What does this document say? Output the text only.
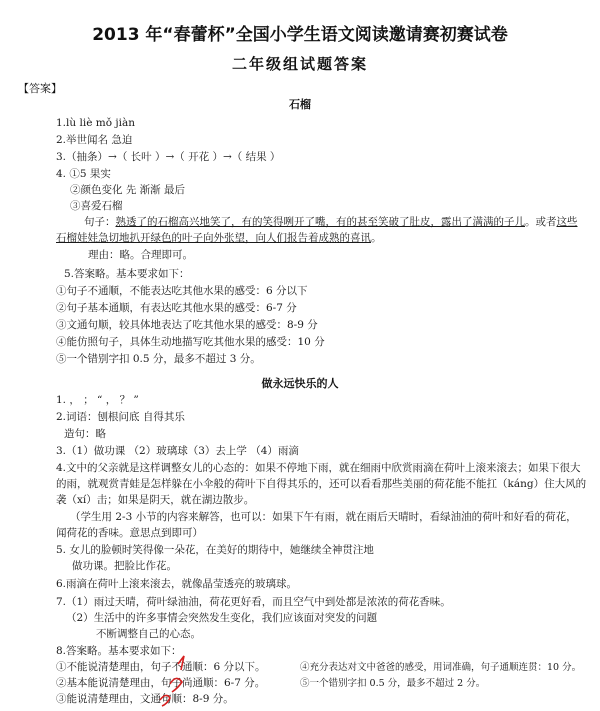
2013 年“春蕾杯”全国小学生语文阅读邀请赛初赛试卷
二年级组试题答案
【答案】
石榴
1.lù liè mǒ jiàn
2.举世闻名 急迫
3.（抽条）→（ 长叶 ）→（ 开花 ）→（ 结果 ）
4. ①5 果实
②颜色变化 先 渐渐 最后
③喜爱石榴
句子：熟透了的石榴高兴地笑了，有的笑得咧开了嘴，有的甚至笑破了肚皮，露出了满满的子儿。或者这些
石榴娃娃急切地扒开绿色的叶子向外张望，向人们报告着成熟的喜讯。
理由：略。合理即可。
5.答案略。基本要求如下：
①句子不通顺，不能表达吃其他水果的感受：6 分以下
②句子基本通顺，有表达吃其他水果的感受：6-7 分
③文通句顺，较具体地表达了吃其他水果的感受：8-9 分
④能仿照句子，具体生动地描写吃其他水果的感受：10 分
⑤一个错别字扣 0.5 分，最多不超过 3 分。
做永远快乐的人
1. ， ； “ ， ？ ”
2.词语：刨根问底 自得其乐
造句：略
3.（1）做功课 （2）玻璃球（3）去上学 （4）雨滴
4.文中的父亲就是这样调整女儿的心态的：如果不停地下雨，就在细雨中欣赏雨滴在荷叶上滚来滚去；如果下很大
的雨，就观赏青蛙是怎样躲在小伞般的荷叶下自得其乐的，还可以看看那些美丽的荷花能不能扛（káng）住大风的
袭（xí）击；如果是阴天，就在湖边散步。
（学生用 2-3 小节的内容来解答，也可以：如果下午有雨，就在雨后天晴时，看绿油油的荷叶和好看的荷花，
闻荷花的香味。意思点到即可）
5. 女儿的脸顿时笑得像一朵花，在美好的期待中，她继续全神贯注地
做功课。把脸比作花。
6.雨滴在荷叶上滚来滚去，就像晶莹透亮的玻璃球。
7.（1）雨过天晴，荷叶绿油油，荷花更好看，而且空气中到处都是浓浓的荷花香味。
（2）生活中的许多事情会突然发生变化，我们应该面对突发的问题
不断调整自己的心态。
8.答案略。基本要求如下：
①不能说清楚理由，句子不通顺：6 分以下。
②基本能说清楚理由，句子尚通顺：6-7 分。
③能说清楚理由，文通句顺：8-9 分。
④充分表达对文中爸爸的感受，用词准确，句子通顺连贯：10 分。
⑤一个错别字扣 0.5 分，最多不超过 2 分。
